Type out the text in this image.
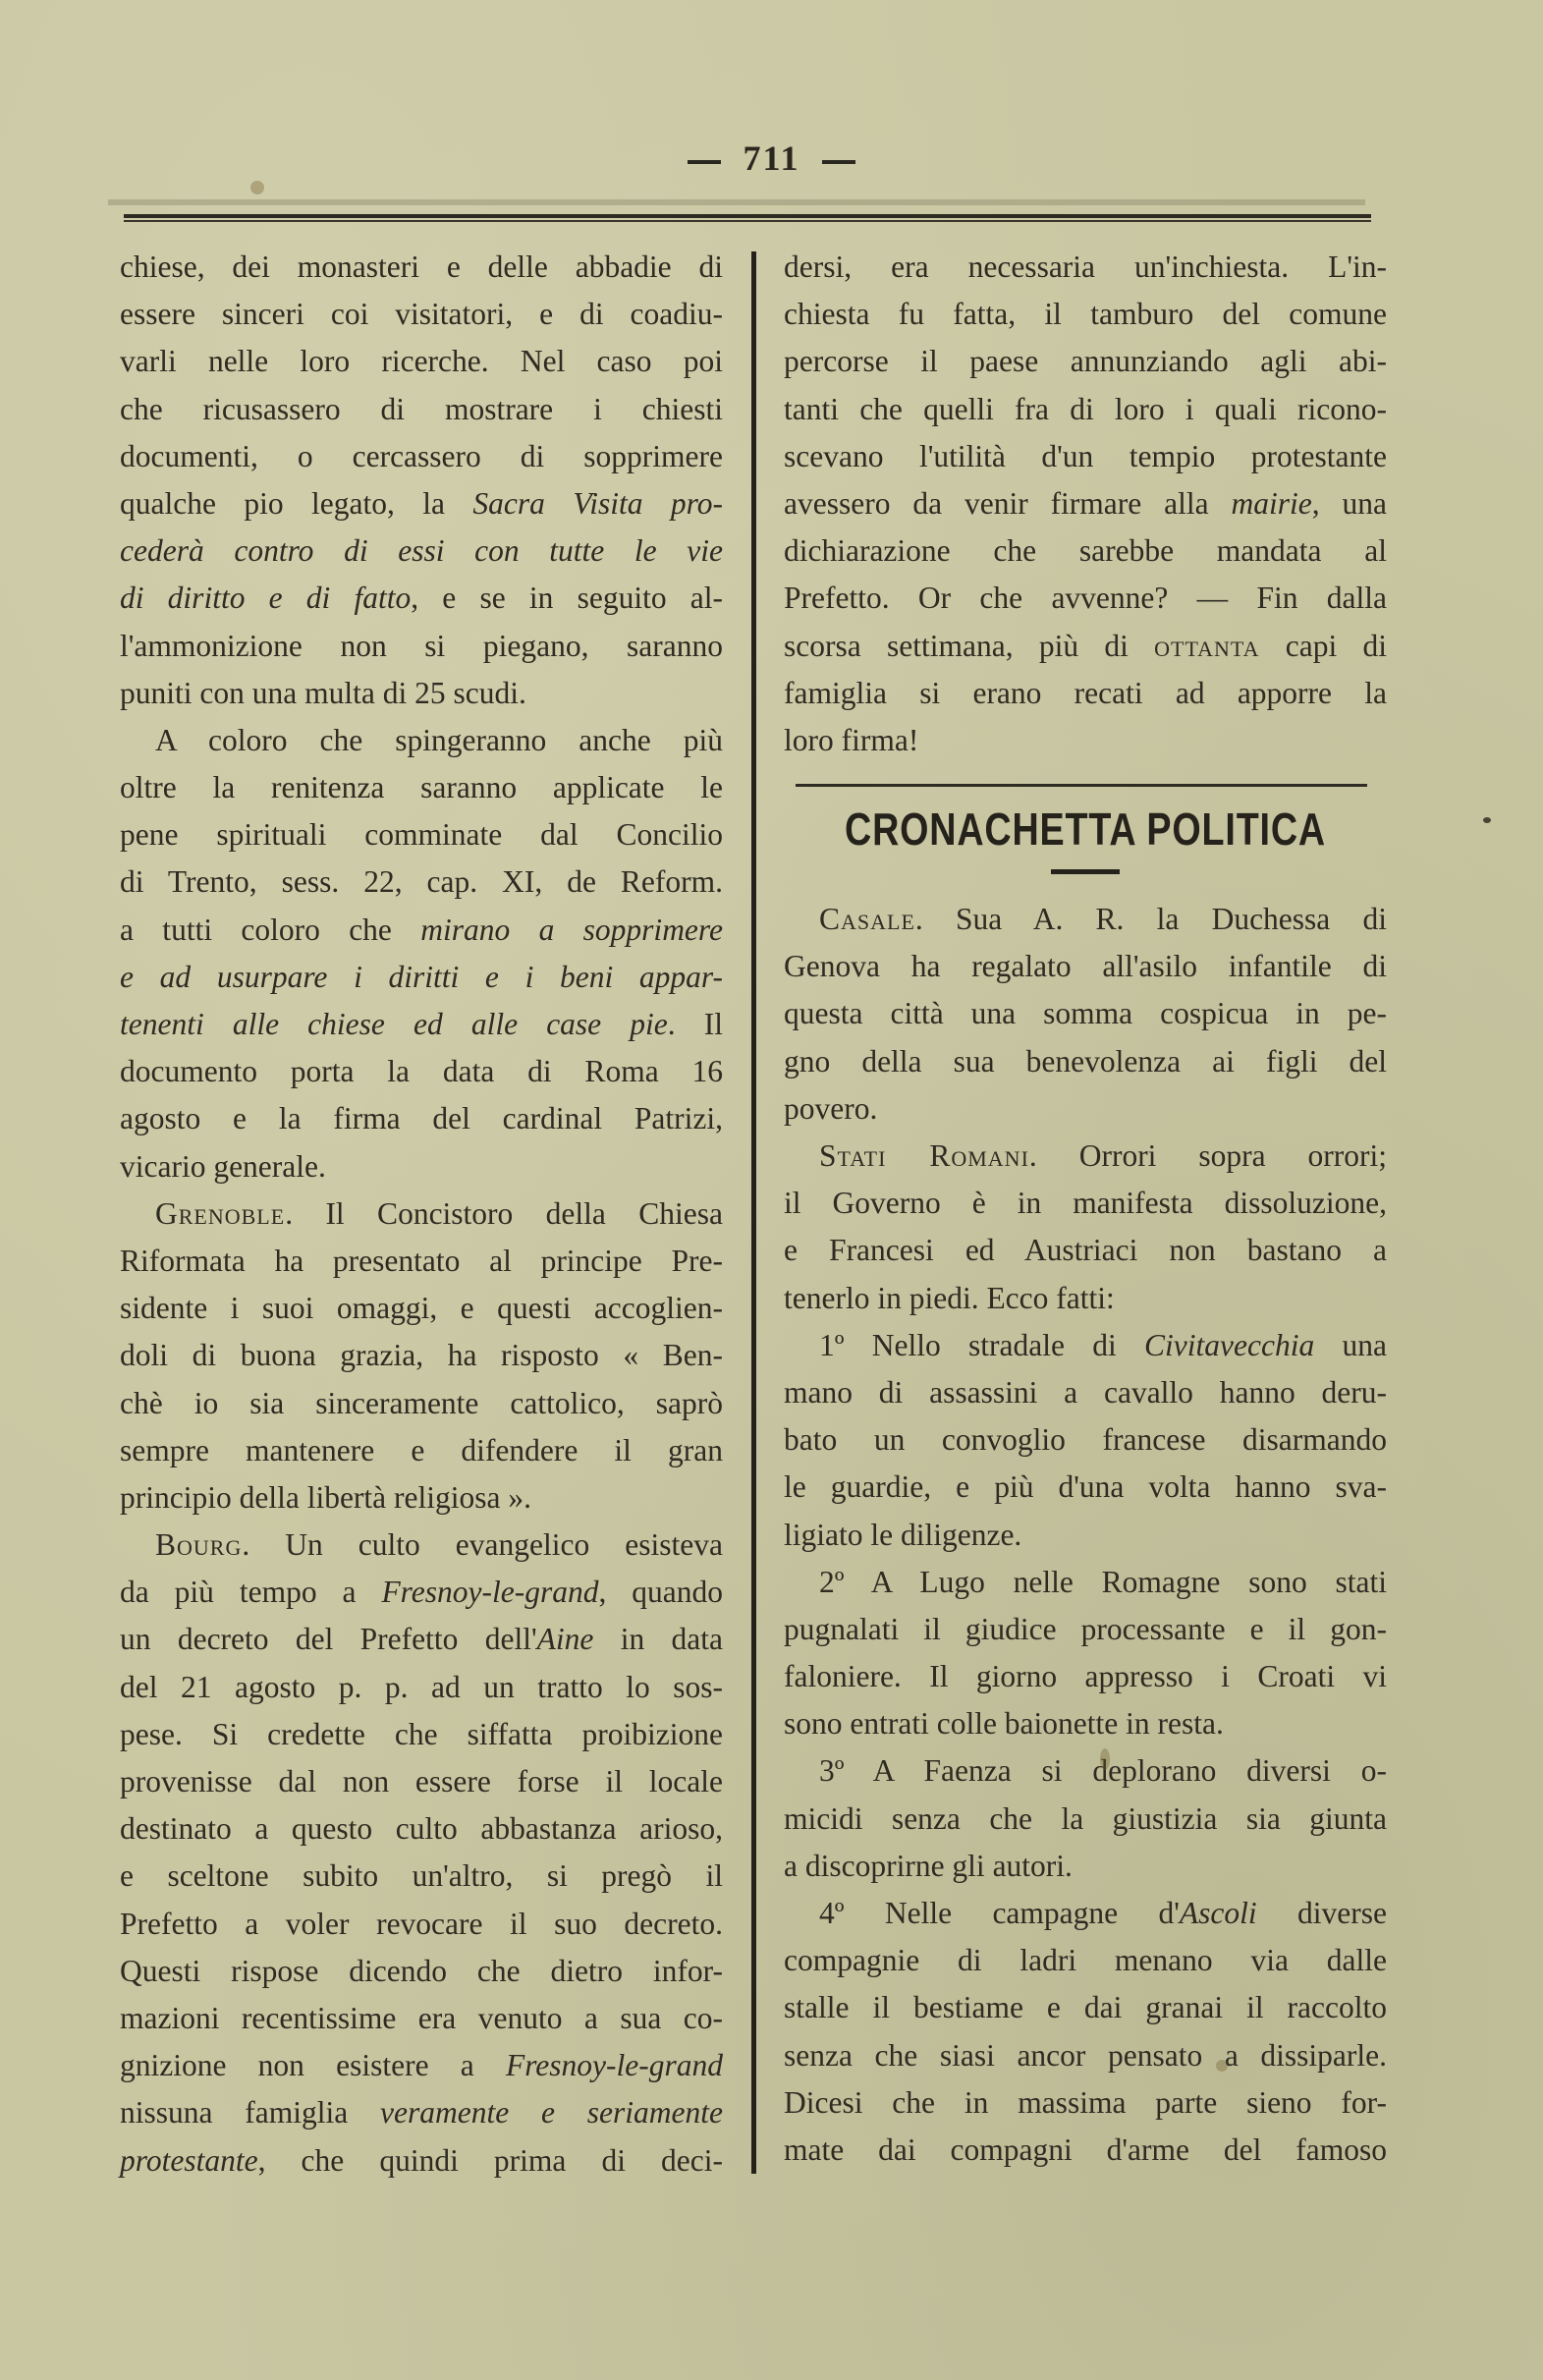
711
chiese, dei monasteri e delle abbadie di
essere sinceri coi visitatori, e di coadiu-
varli nelle loro ricerche. Nel caso poi
che ricusassero di mostrare i chiesti
documenti, o cercassero di sopprimere
qualche pio legato, la Sacra Visita pro-
cederà contro di essi con tutte le vie
di diritto e di fatto, e se in seguito al-
l'ammonizione non si piegano, saranno
puniti con una multa di 25 scudi.
A coloro che spingeranno anche più
oltre la renitenza saranno applicate le
pene spirituali comminate dal Concilio
di Trento, sess. 22, cap. XI, de Reform.
a tutti coloro che mirano a sopprimere
e ad usurpare i diritti e i beni appar-
tenenti alle chiese ed alle case pie. Il
documento porta la data di Roma 16
agosto e la firma del cardinal Patrizi,
vicario generale.
Grenoble. Il Concistoro della Chiesa
Riformata ha presentato al principe Pre-
sidente i suoi omaggi, e questi accoglien-
doli di buona grazia, ha risposto « Ben-
chè io sia sinceramente cattolico, saprò
sempre mantenere e difendere il gran
principio della libertà religiosa ».
Bourg. Un culto evangelico esisteva
da più tempo a Fresnoy-le-grand, quando
un decreto del Prefetto dell'Aine in data
del 21 agosto p. p. ad un tratto lo sos-
pese. Si credette che siffatta proibizione
provenisse dal non essere forse il locale
destinato a questo culto abbastanza arioso,
e sceltone subito un'altro, si pregò il
Prefetto a voler revocare il suo decreto.
Questi rispose dicendo che dietro infor-
mazioni recentissime era venuto a sua co-
gnizione non esistere a Fresnoy-le-grand
nissuna famiglia veramente e seriamente
protestante, che quindi prima di deci-
dersi, era necessaria un'inchiesta. L'in-
chiesta fu fatta, il tamburo del comune
percorse il paese annunziando agli abi-
tanti che quelli fra di loro i quali ricono-
scevano l'utilità d'un tempio protestante
avessero da venir firmare alla mairie, una
dichiarazione che sarebbe mandata al
Prefetto. Or che avvenne? — Fin dalla
scorsa settimana, più di ottanta capi di
famiglia si erano recati ad apporre la
loro firma!
CRONACHETTA POLITICA
Casale. Sua A. R. la Duchessa di
Genova ha regalato all'asilo infantile di
questa città una somma cospicua in pe-
gno della sua benevolenza ai figli del
povero.
Stati Romani. Orrori sopra orrori;
il Governo è in manifesta dissoluzione,
e Francesi ed Austriaci non bastano a
tenerlo in piedi. Ecco fatti:
1º Nello stradale di Civitavecchia una
mano di assassini a cavallo hanno deru-
bato un convoglio francese disarmando
le guardie, e più d'una volta hanno sva-
ligiato le diligenze.
2º A Lugo nelle Romagne sono stati
pugnalati il giudice processante e il gon-
faloniere. Il giorno appresso i Croati vi
sono entrati colle baionette in resta.
3º A Faenza si deplorano diversi o-
micidi senza che la giustizia sia giunta
a discoprirne gli autori.
4º Nelle campagne d'Ascoli diverse
compagnie di ladri menano via dalle
stalle il bestiame e dai granai il raccolto
senza che siasi ancor pensato a dissiparle.
Dicesi che in massima parte sieno for-
mate dai compagni d'arme del famoso
